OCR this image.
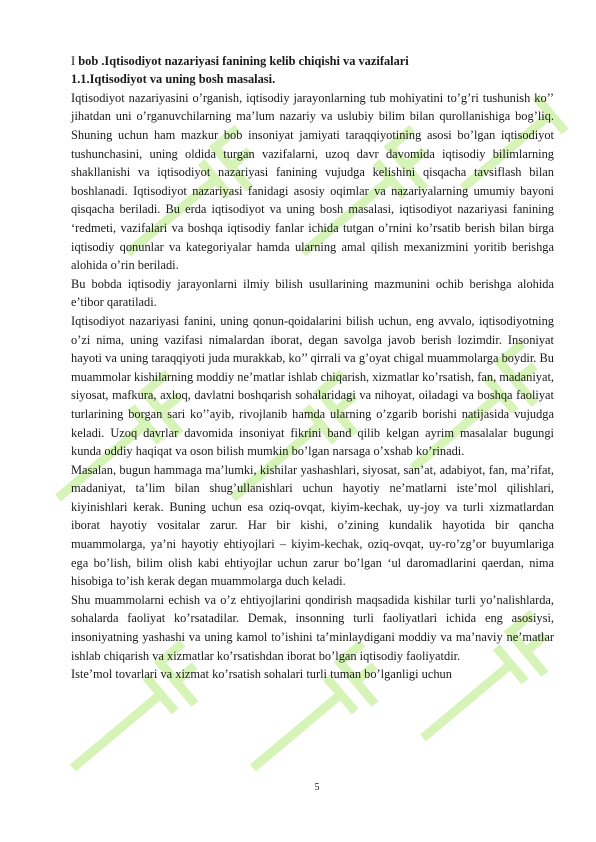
I bob .Iqtisodiyot nazariyasi fanining kelib chiqishi va vazifalari

1.1.Iqtisodiyot va uning bosh masalasi.

Iqtisodiyot nazariyasini o’rganish, iqtisodiy jarayonlarning tub mohiyatini to’g’ri tushunish ko’’ jihatdan uni o’rganuvchilarning ma’lum nazariy va uslubiy bilim bilan qurollanishiga bog’liq. Shuning uchun ham mazkur bob insoniyat jamiyati taraqqiyotining asosi bo’lgan iqtisodiyot tushunchasini, uning oldida turgan vazifalarni, uzoq davr davomida iqtisodiy bilimlarning shakllanishi va iqtisodiyot nazariyasi fanining vujudga kelishini qisqacha tavsiflash bilan boshlanadi. Iqtisodiyot nazariyasi fanidagi asosiy oqimlar va nazariyalarning umumiy bayoni qisqacha beriladi. Bu erda iqtisodiyot va uning bosh masalasi, iqtisodiyot nazariyasi fanining ‘redmeti, vazifalari va boshqa iqtisodiy fanlar ichida tutgan o’rnini ko’rsatib berish bilan birga iqtisodiy qonunlar va kategoriyalar hamda ularning amal qilish mexanizmini yoritib berishga alohida o’rin beriladi.

Bu bobda iqtisodiy jarayonlarni ilmiy bilish usullarining mazmunini ochib berishga alohida e’tibor qaratiladi.

Iqtisodiyot nazariyasi fanini, uning qonun-qoidalarini bilish uchun, eng avvalo, iqtisodiyotning o’zi nima, uning vazifasi nimalardan iborat, degan savolga javob berish lozimdir. Insoniyat hayoti va uning taraqqiyoti juda murakkab, ko’’ qirrali va g’oyat chigal muammolarga boydir. Bu muammolar kishilarning moddiy ne’matlar ishlab chiqarish, xizmatlar ko’rsatish, fan, madaniyat, siyosat, mafkura, axloq, davlatni boshqarish sohalaridagi va nihoyat, oiladagi va boshqa faoliyat turlarining borgan sari ko’’ayib, rivojlanib hamda ularning o’zgarib borishi natijasida vujudga keladi. Uzoq davrlar davomida insoniyat fikrini band qilib kelgan ayrim masalalar bugungi kunda oddiy haqiqat va oson bilish mumkin bo’lgan narsaga o’xshab ko’rinadi.

Masalan, bugun hammaga ma’lumki, kishilar yashashlari, siyosat, san’at, adabiyot, fan, ma’rifat, madaniyat, ta’lim bilan shug’ullanishlari uchun hayotiy ne’matlarni iste’mol qilishlari, kiyinishlari kerak. Buning uchun esa oziq-ovqat, kiyim-kechak, uy-joy va turli xizmatlardan iborat hayotiy vositalar zarur. Har bir kishi, o’zining kundalik hayotida bir qancha muammolarga, ya’ni hayotiy ehtiyojlari – kiyim-kechak, oziq-ovqat, uy-ro’zg’or buyumlariga ega bo’lish, bilim olish kabi ehtiyojlar uchun zarur bo’lgan ‘ul daromadlarini qaerdan, nima hisobiga to’ish kerak degan muammolarga duch keladi.

Shu muammolarni echish va o’z ehtiyojlarini qondirish maqsadida kishilar turli yo’nalishlarda, sohalarda faoliyat ko’rsatadilar. Demak, insonning turli faoliyatlari ichida eng asosiysi, insoniyatning yashashi va uning kamol to’ishini ta’minlaydigani moddiy va ma’naviy ne’matlar ishlab chiqarish va xizmatlar ko’rsatishdan iborat bo’lgan iqtisodiy faoliyatdir.

Iste’mol tovarlari va xizmat ko’rsatish sohalari turli tuman bo’lganligi uchun

5
